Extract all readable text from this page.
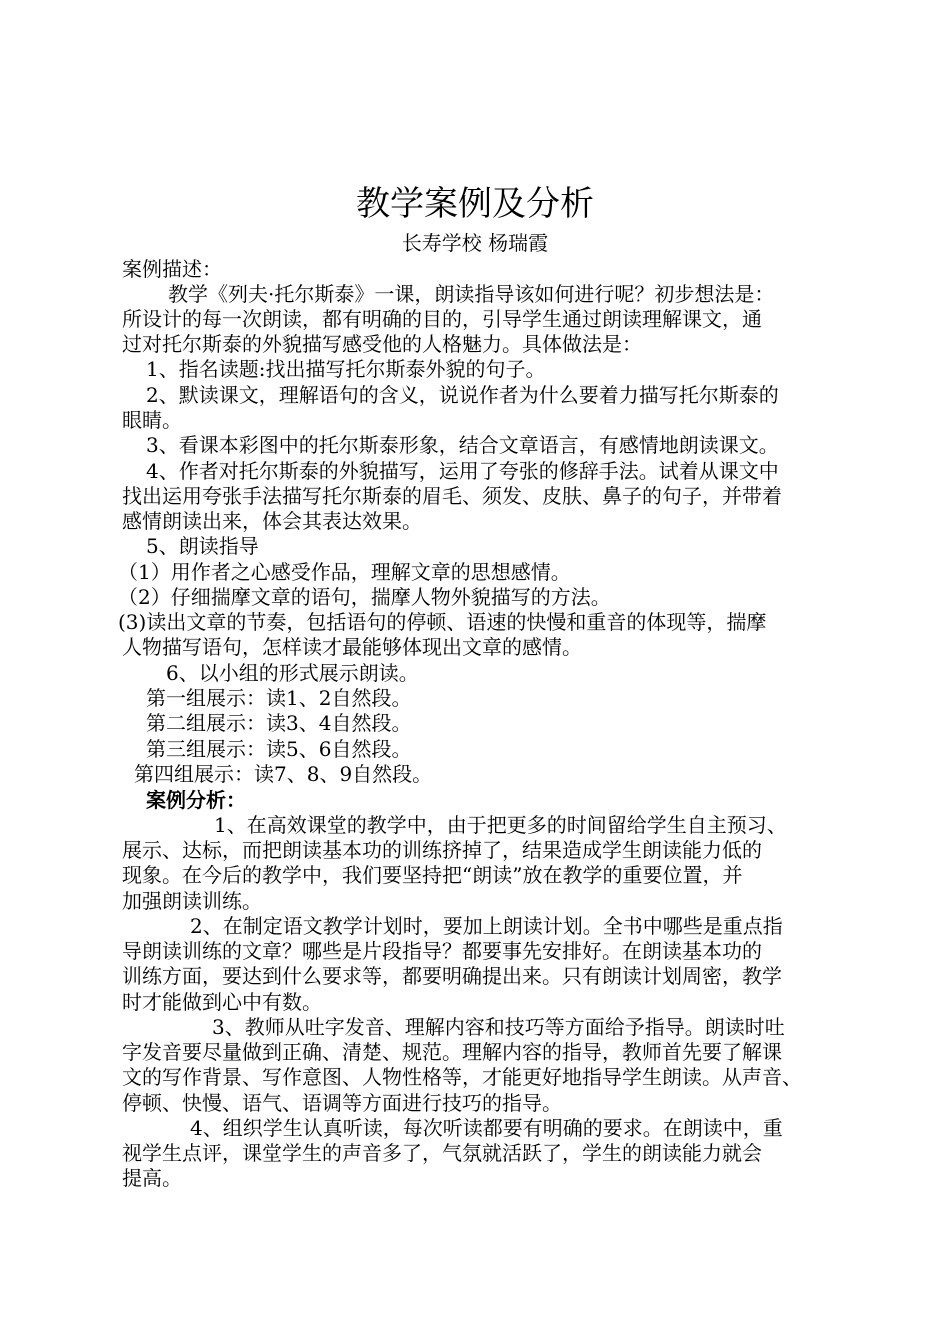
教学案例及分析
长寿学校 杨瑞霞
案例描述：
教学《列夫·托尔斯泰》一课，朗读指导该如何进行呢？初步想法是：
所设计的每一次朗读，都有明确的目的，引导学生通过朗读理解课文，通
过对托尔斯泰的外貌描写感受他的人格魅力。具体做法是：
1、指名读题:找出描写托尔斯泰外貌的句子。
2、默读课文，理解语句的含义，说说作者为什么要着力描写托尔斯泰的
眼睛。
3、看课本彩图中的托尔斯泰形象，结合文章语言，有感情地朗读课文。
4、作者对托尔斯泰的外貌描写，运用了夸张的修辞手法。试着从课文中
找出运用夸张手法描写托尔斯泰的眉毛、须发、皮肤、鼻子的句子，并带着
感情朗读出来，体会其表达效果。
5、朗读指导
（1）用作者之心感受作品，理解文章的思想感情。
（2）仔细揣摩文章的语句，揣摩人物外貌描写的方法。
(3)读出文章的节奏，包括语句的停顿、语速的快慢和重音的体现等，揣摩
人物描写语句，怎样读才最能够体现出文章的感情。
6、以小组的形式展示朗读。
第一组展示：读1、2自然段。
第二组展示：读3、4自然段。
第三组展示：读5、6自然段。
第四组展示：读7、8、9自然段。
案例分析：
1、在高效课堂的教学中，由于把更多的时间留给学生自主预习、
展示、达标，而把朗读基本功的训练挤掉了，结果造成学生朗读能力低的
现象。在今后的教学中，我们要坚持把“朗读”放在教学的重要位置，并
加强朗读训练。
2、在制定语文教学计划时，要加上朗读计划。全书中哪些是重点指
导朗读训练的文章？哪些是片段指导？都要事先安排好。在朗读基本功的
训练方面，要达到什么要求等，都要明确提出来。只有朗读计划周密，教学
时才能做到心中有数。
3、教师从吐字发音、理解内容和技巧等方面给予指导。朗读时吐
字发音要尽量做到正确、清楚、规范。理解内容的指导，教师首先要了解课
文的写作背景、写作意图、人物性格等，才能更好地指导学生朗读。从声音、
停顿、快慢、语气、语调等方面进行技巧的指导。
4、组织学生认真听读，每次听读都要有明确的要求。在朗读中，重
视学生点评，课堂学生的声音多了，气氛就活跃了，学生的朗读能力就会
提高。
